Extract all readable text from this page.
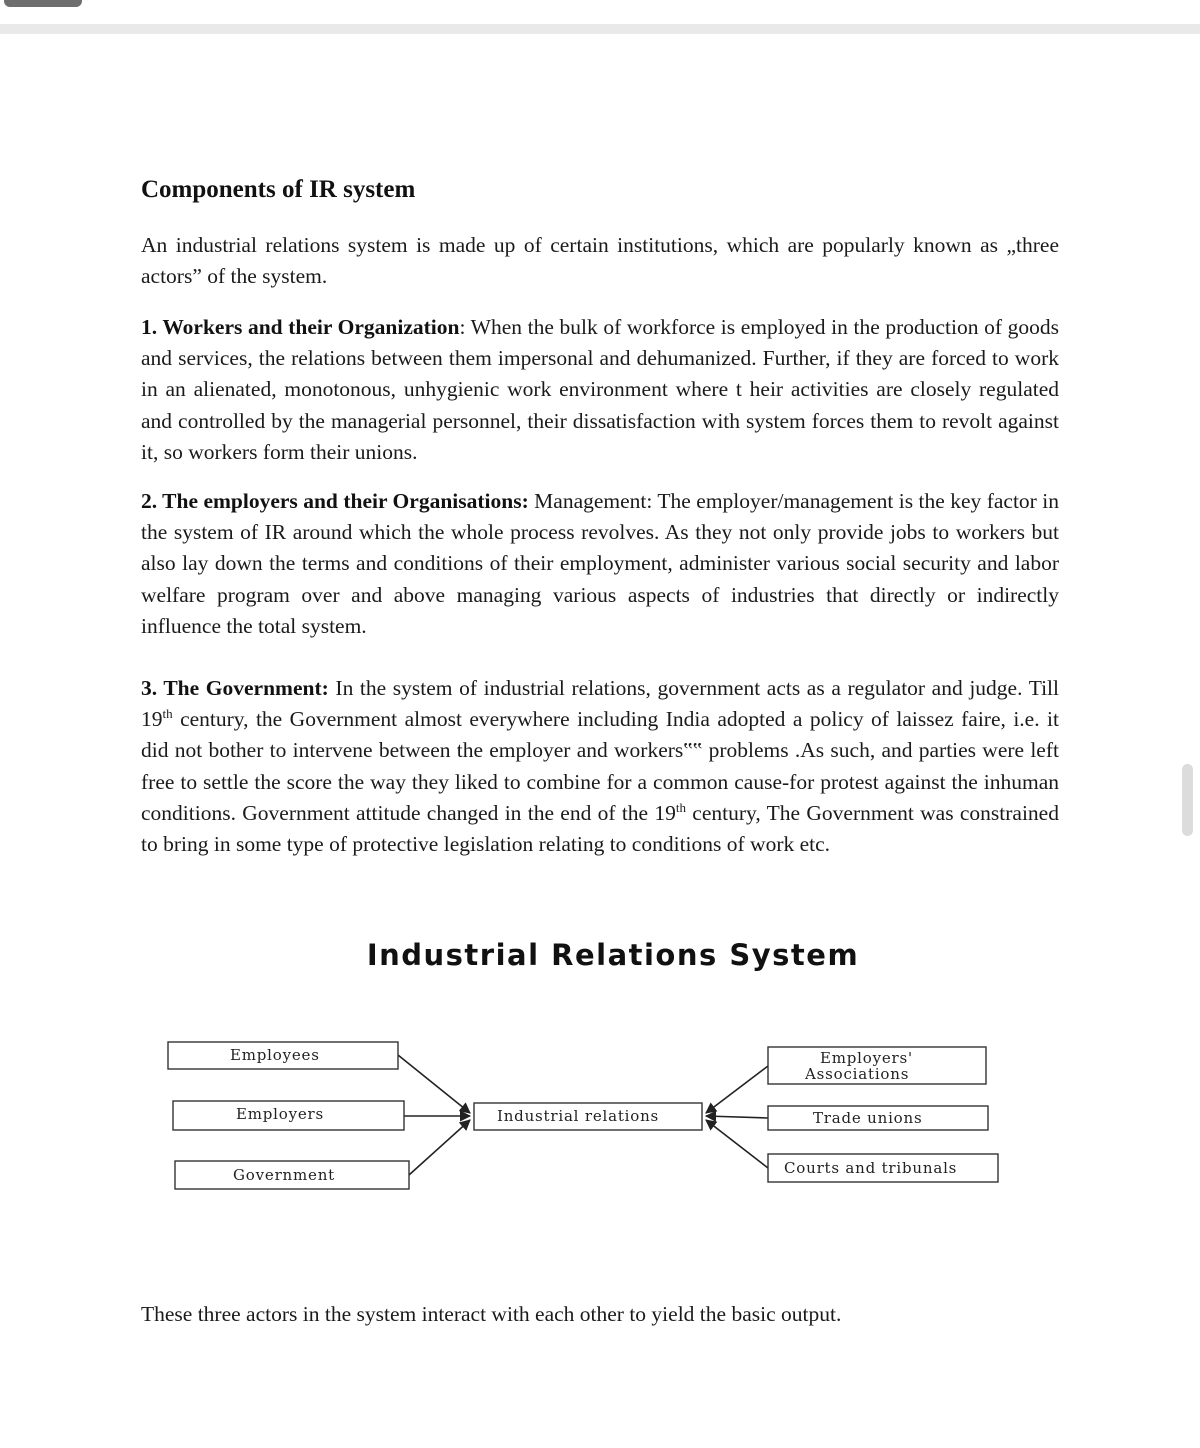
Components of IR system

An industrial relations system is made up of certain institutions, which are popularly known as „three actors” of the system.

1. Workers and their Organization: When the bulk of workforce is employed in the production of goods and services, the relations between them impersonal and dehumanized. Further, if they are forced to work in an alienated, monotonous, unhygienic work environment where t heir activities are closely regulated and controlled by the managerial personnel, their dissatisfaction with system forces them to revolt against it, so workers form their unions.

2. The employers and their Organisations: Management: The employer/management is the key factor in the system of IR around which the whole process revolves. As they not only provide jobs to workers but also lay down the terms and conditions of their employment, administer various social security and labor welfare program over and above managing various aspects of industries that directly or indirectly influence the total system.

3. The Government: In the system of industrial relations, government acts as a regulator and judge. Till 19th century, the Government almost everywhere including India adopted a policy of laissez faire, i.e. it did not bother to intervene between the employer and workers‟‟ problems .As such, and parties were left free to settle the score the way they liked to combine for a common cause-for protest against the inhuman conditions. Government attitude changed in the end of the 19th century, The Government was constrained to bring in some type of protective legislation relating to conditions of work etc.

Industrial Relations System
Employees
Employers
Government
Industrial relations
Employers'
Associations
Trade unions
Courts and tribunals

These three actors in the system interact with each other to yield the basic output.
